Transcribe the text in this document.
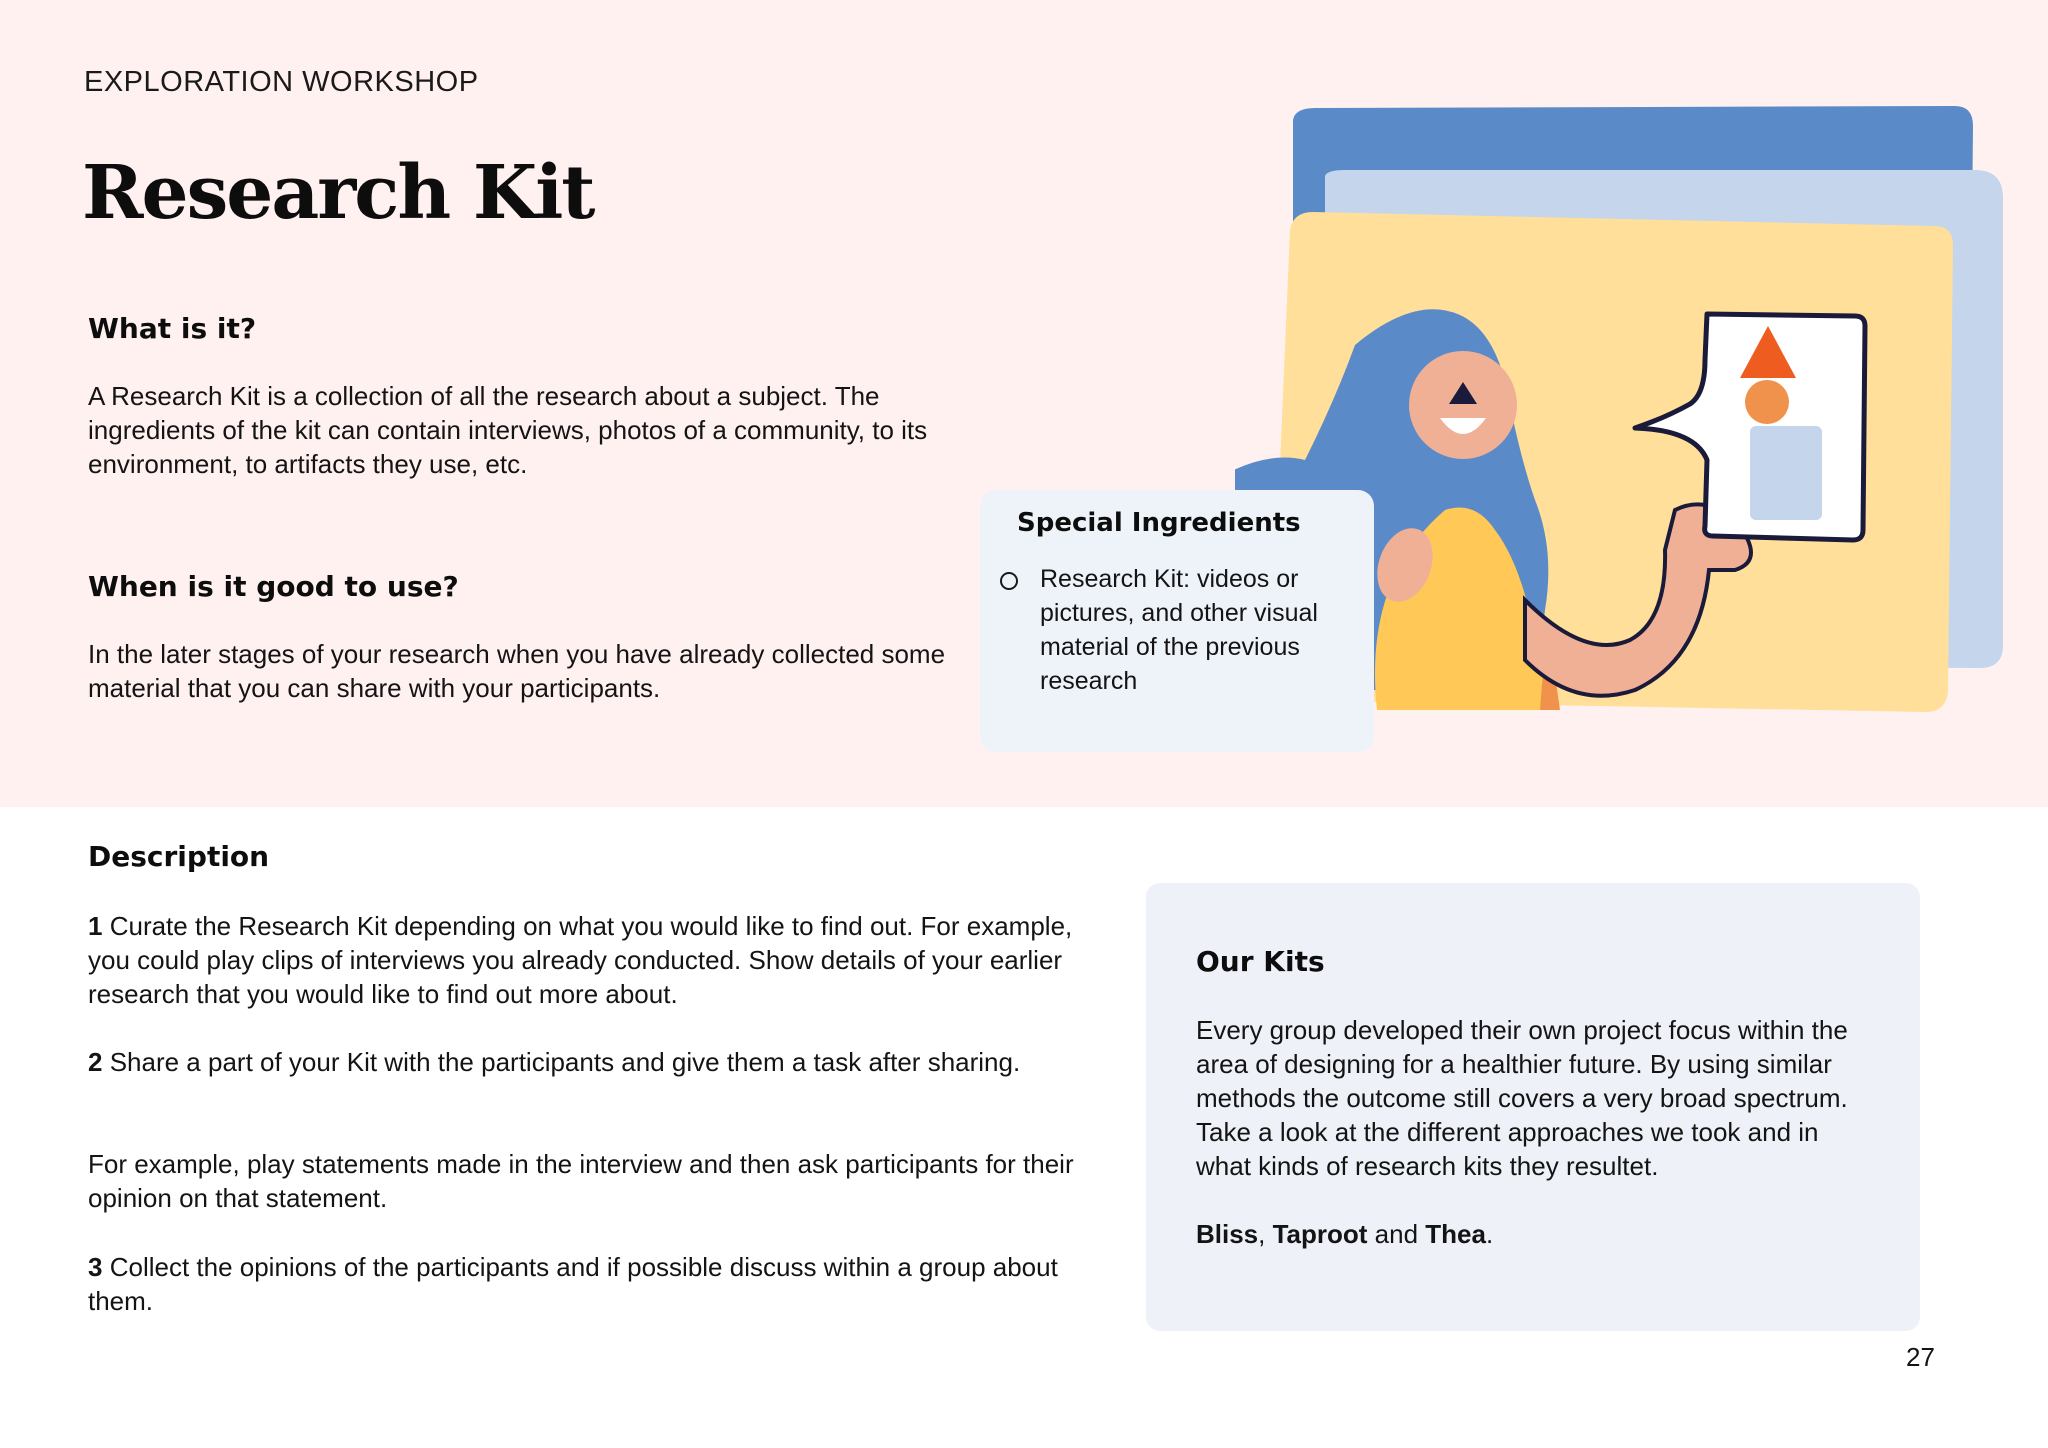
EXPLORATION WORKSHOP

Research Kit
What is it?

A Research Kit is a collection of all the research about a subject. The ingredients of the kit can contain interviews, photos of a community, to its environment, to artifacts they use, etc.

When is it good to use?

In the later stages of your research when you have already collected some material that you can share with your participants.

Special Ingredients

Research Kit: videos or pictures, and other visual material of the previous research

Description

1 Curate the Research Kit depending on what you would like to find out. For example, you could play clips of interviews you already conducted. Show details of your earlier research that you would like to find out more about.

2 Share a part of your Kit with the participants and give them a task after sharing.

For example, play statements made in the interview and then ask participants for their opinion on that statement.

3 Collect the opinions of the participants and if possible discuss within a group about them.

Our Kits

Every group developed their own project focus within the area of designing for a healthier future. By using similar methods the outcome still covers a very broad spectrum. Take a look at the different approaches we took and in what kinds of research kits they resultet.

Bliss, Taproot and Thea.

27
